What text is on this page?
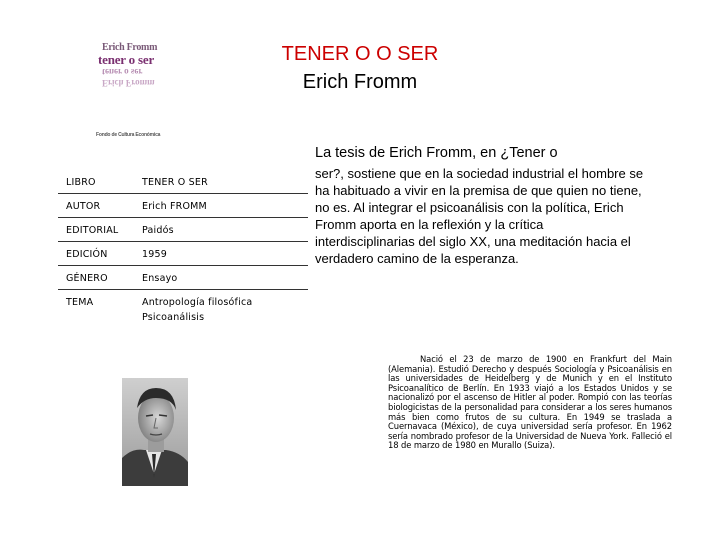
Erich Fromm
tener o ser
tener o ser
Erich Fromm
Fondo de Cultura Económica
TENER O O SER
Erich Fromm
La tesis de Erich Fromm, en ¿Tener o
ser?, sostiene que en la sociedad industrial el hombre se ha habituado a vivir en la premisa de que quien no tiene, no es. Al integrar el psicoanálisis con la política, Erich Fromm aporta en la reflexión y la crítica interdisciplinarias del siglo XX, una meditación hacia el verdadero camino de la esperanza.
LIBRO	TENER O SER
AUTOR	Erich FROMM
EDITORIAL	Paidós
EDICIÓN	1959
GÉNERO	Ensayo
TEMA	Antropología filosófica
Psicoanálisis
Nació el 23 de marzo de 1900 en Frankfurt del Main (Alemania). Estudió Derecho y después Sociología y Psicoanálisis en las universidades de Heidelberg y de Munich y en el Instituto Psicoanalítico de Berlín. En 1933 viajó a los Estados Unidos y se nacionalizó por el ascenso de Hitler al poder. Rompió con las teorías biologicistas de la personalidad para considerar a los seres humanos más bien como frutos de su cultura. En 1949 se traslada a Cuernavaca (México), de cuya universidad sería profesor. En 1962 sería nombrado profesor de la Universidad de Nueva York. Falleció el 18 de marzo de 1980 en Murallo (Suiza).
